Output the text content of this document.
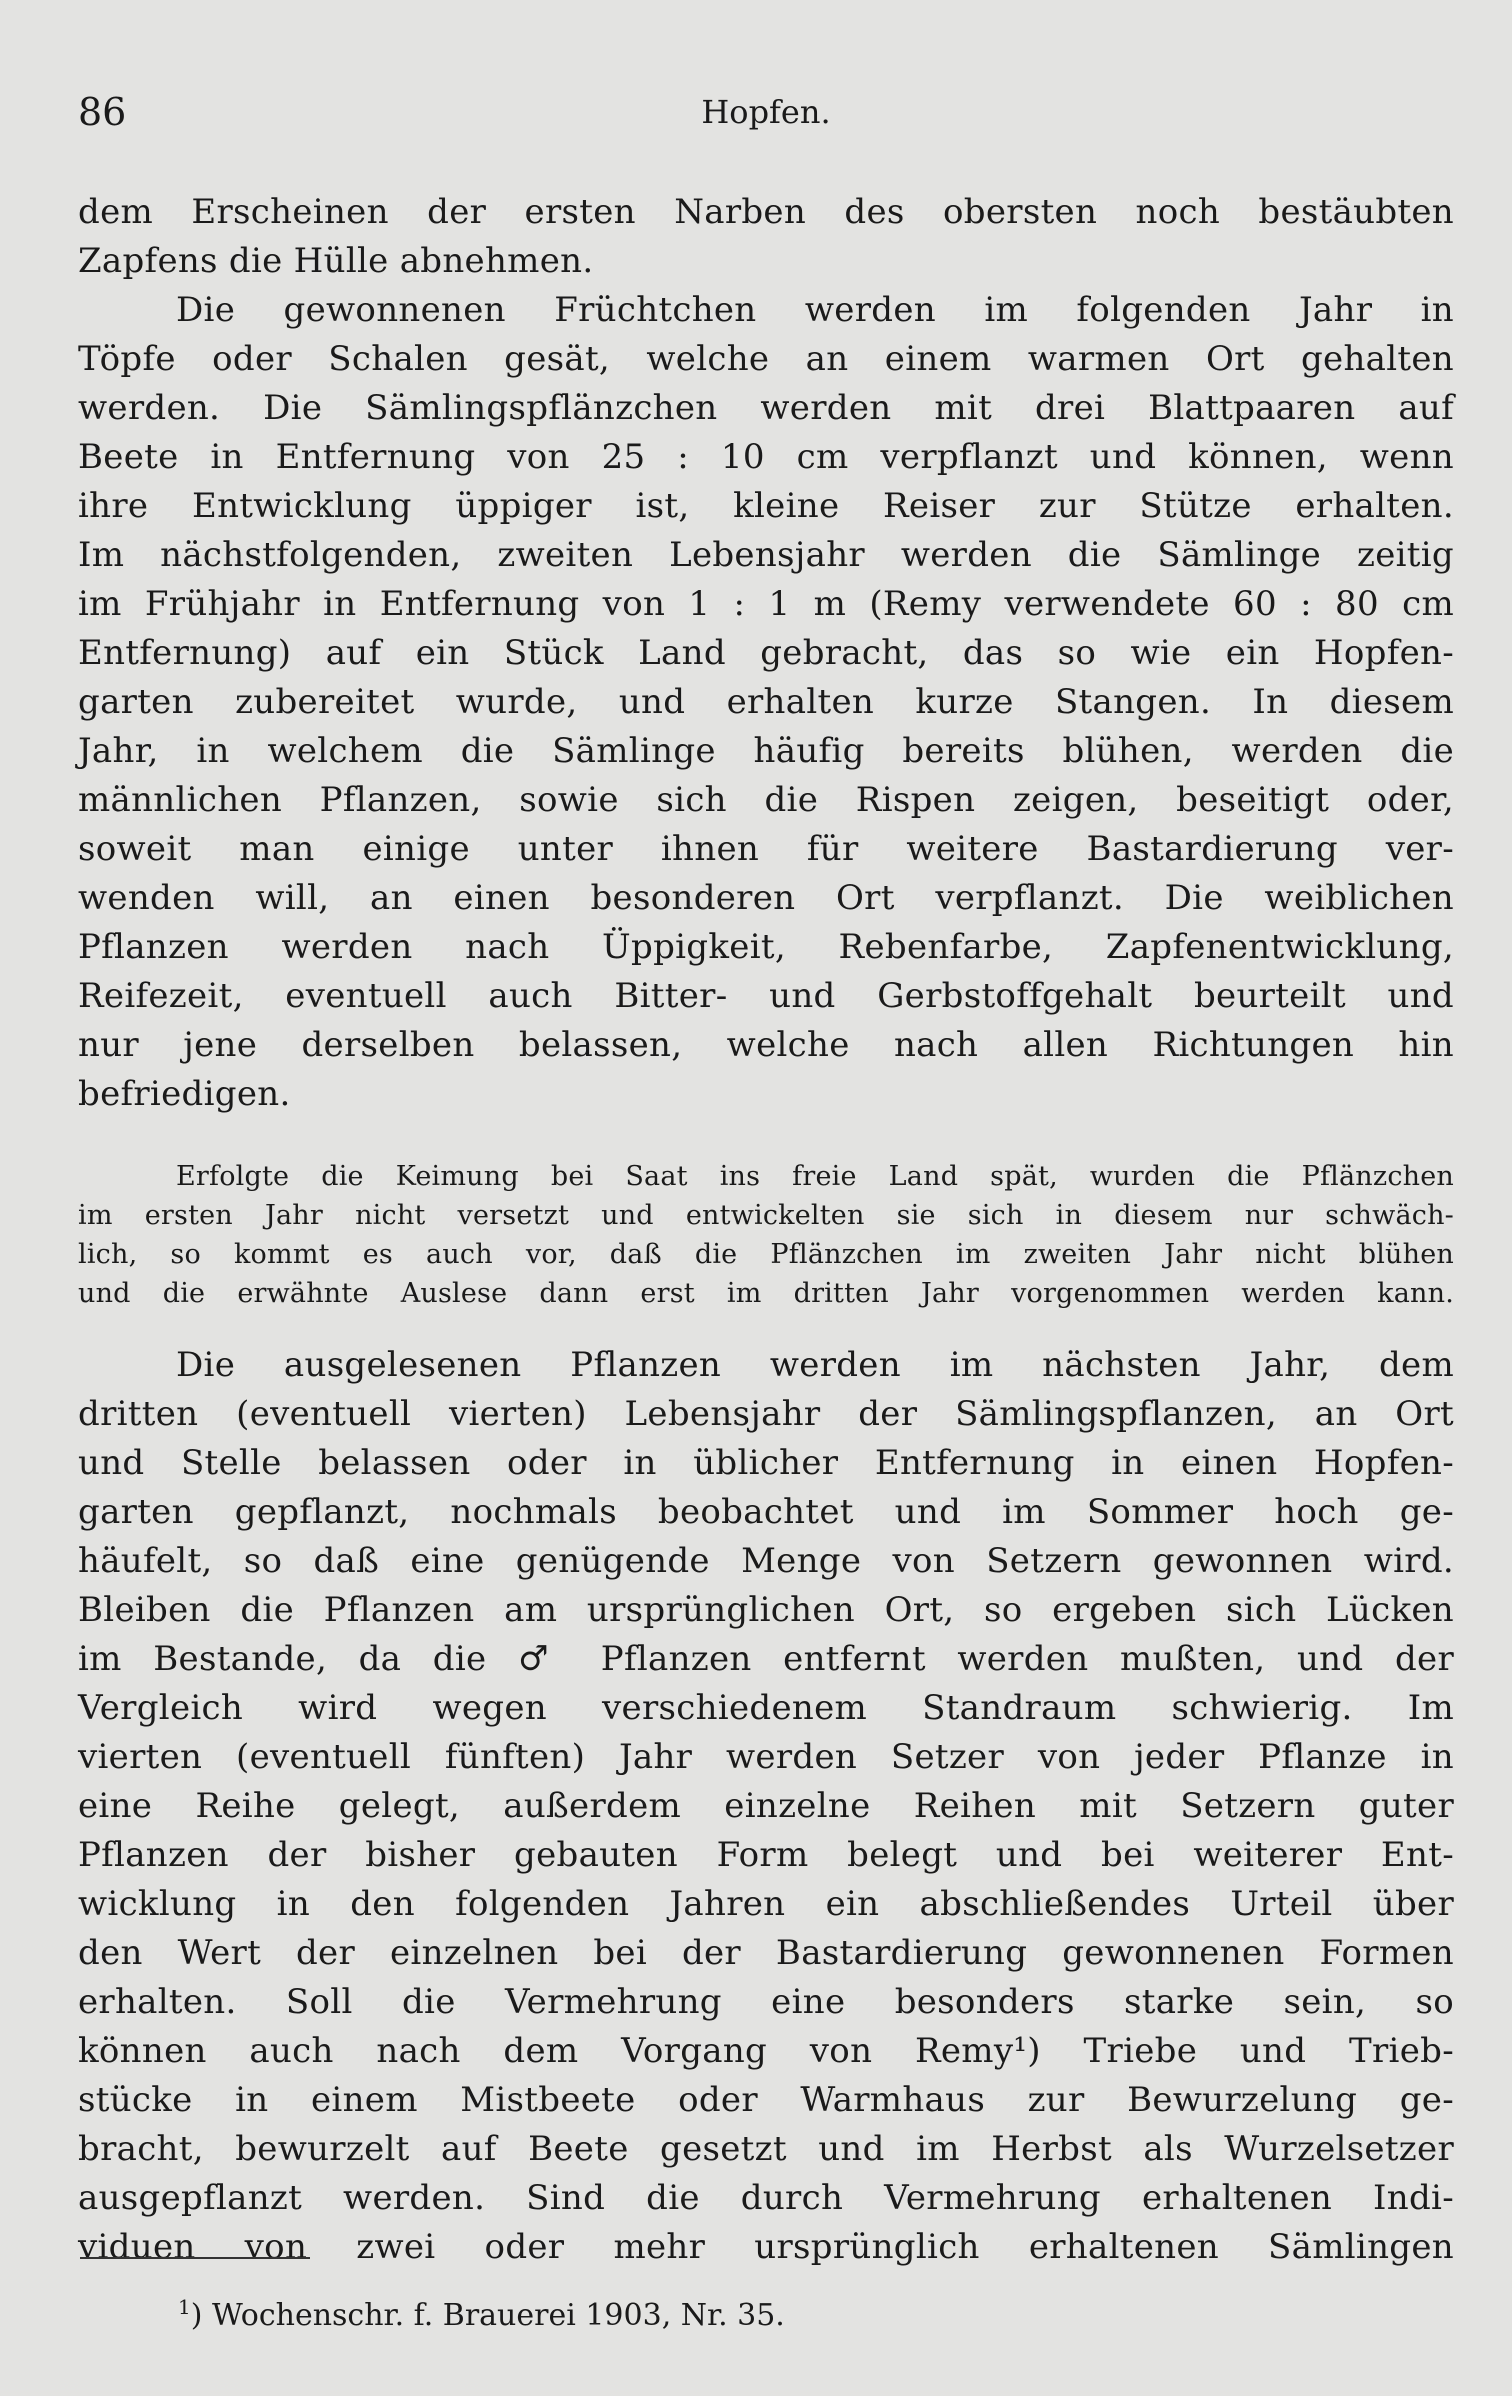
86	Hopfen.

dem Erscheinen der ersten Narben des obersten noch bestäubten

Zapfens die Hülle abnehmen.

Die gewonnenen Früchtchen werden im folgenden Jahr in

Töpfe oder Schalen gesät, welche an einem warmen Ort gehalten

werden. Die Sämlingspflänzchen werden mit drei Blattpaaren auf

Beete in Entfernung von 25 : 10 cm verpflanzt und können, wenn

ihre Entwicklung üppiger ist, kleine Reiser zur Stütze erhalten.

Im nächstfolgenden, zweiten Lebensjahr werden die Sämlinge zeitig

im Frühjahr in Entfernung von 1 : 1 m (Remy verwendete 60 : 80 cm

Entfernung) auf ein Stück Land gebracht, das so wie ein Hopfen-

garten zubereitet wurde, und erhalten kurze Stangen. In diesem

Jahr, in welchem die Sämlinge häufig bereits blühen, werden die

männlichen Pflanzen, sowie sich die Rispen zeigen, beseitigt oder,

soweit man einige unter ihnen für weitere Bastardierung ver-

wenden will, an einen besonderen Ort verpflanzt. Die weiblichen

Pflanzen werden nach Üppigkeit, Rebenfarbe, Zapfenentwicklung,

Reifezeit, eventuell auch Bitter- und Gerbstoffgehalt beurteilt und

nur jene derselben belassen, welche nach allen Richtungen hin

befriedigen.

Erfolgte die Keimung bei Saat ins freie Land spät, wurden die Pflänzchen

im ersten Jahr nicht versetzt und entwickelten sie sich in diesem nur schwäch-

lich, so kommt es auch vor, daß die Pflänzchen im zweiten Jahr nicht blühen

und die erwähnte Auslese dann erst im dritten Jahr vorgenommen werden kann.

Die ausgelesenen Pflanzen werden im nächsten Jahr, dem

dritten (eventuell vierten) Lebensjahr der Sämlingspflanzen, an Ort

und Stelle belassen oder in üblicher Entfernung in einen Hopfen-

garten gepflanzt, nochmals beobachtet und im Sommer hoch ge-

häufelt, so daß eine genügende Menge von Setzern gewonnen wird.

Bleiben die Pflanzen am ursprünglichen Ort, so ergeben sich Lücken

im Bestande, da die ♂ Pflanzen entfernt werden mußten, und der

Vergleich wird wegen verschiedenem Standraum schwierig. Im

vierten (eventuell fünften) Jahr werden Setzer von jeder Pflanze in

eine Reihe gelegt, außerdem einzelne Reihen mit Setzern guter

Pflanzen der bisher gebauten Form belegt und bei weiterer Ent-

wicklung in den folgenden Jahren ein abschließendes Urteil über

den Wert der einzelnen bei der Bastardierung gewonnenen Formen

erhalten. Soll die Vermehrung eine besonders starke sein, so

können auch nach dem Vorgang von Remy¹) Triebe und Trieb-

stücke in einem Mistbeete oder Warmhaus zur Bewurzelung ge-

bracht, bewurzelt auf Beete gesetzt und im Herbst als Wurzelsetzer

ausgepflanzt werden. Sind die durch Vermehrung erhaltenen Indi-

viduen von zwei oder mehr ursprünglich erhaltenen Sämlingen

$^1$) Wochenschr. f. Brauerei 1903, Nr. 35.
